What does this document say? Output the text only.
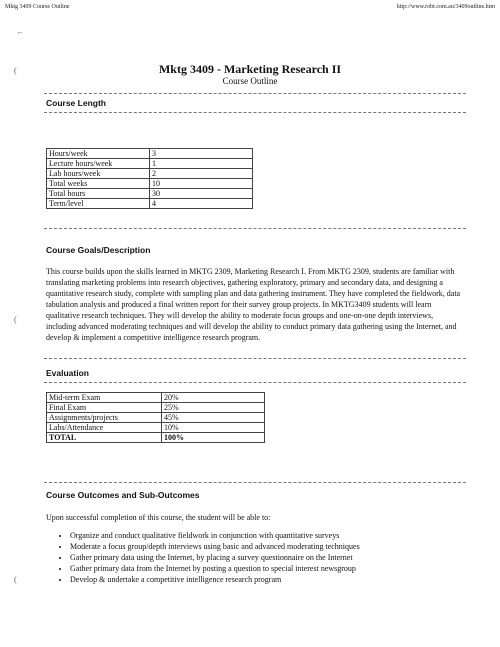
Mktg 3409 Course Outline	http://www.robt.com.au/3409outline.htm
⌐
(
(
(
Mktg 3409 - Marketing Research II
Course Outline
Course Length
Hours/week	3
Lecture hours/week	1
Lab hours/week	2
Total weeks	10
Total hours	30
Term/level	4
Course Goals/Description
This course builds upon the skills learned in MKTG 2309, Marketing Research I. From MKTG 2309, students are familiar with translating marketing problems into research objectives, gathering exploratory, primary and secondary data, and designing a quantitative research study, complete with sampling plan and data gathering instrument. They have completed the fieldwork, data tabulation analysis and produced a final written report for their survey group projects. In MKTG3409 students will learn qualitative research techniques. They will develop the ability to moderate focus groups and one-on-one depth interviews, including advanced moderating techniques and will develop the ability to conduct primary data gathering using the Internet, and develop & implement a competitive intelligence research program.
Evaluation
Mid-term Exam	20%
Final Exam	25%
Assignments/projects	45%
Labs/Attendance	10%
TOTAL	100%
Course Outcomes and Sub-Outcomes
Upon successful completion of this course, the student will be able to:
• Organize and conduct qualitative fieldwork in conjunction with quantitative surveys
• Moderate a focus group/depth interviews using basic and advanced moderating techniques
• Gather primary data using the Internet, by placing a survey questionnaire on the Internet
• Gather primary data from the Internet by posting a question to special interest newsgroup
• Develop & undertake a competitive intelligence research program
